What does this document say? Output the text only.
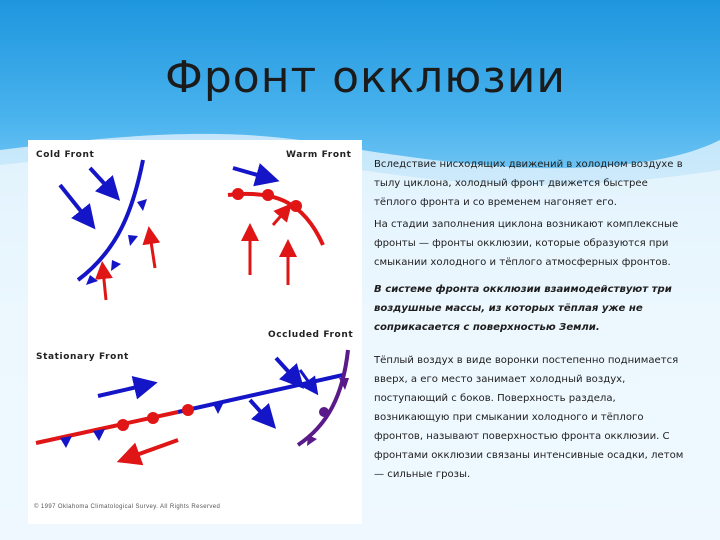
Фронт окклюзии
Cold Front	Warm Front
Stationary Front
Occluded Front
© 1997 Oklahoma Climatological Survey. All Rights Reserved

Вследствие нисходящих движений в холодном воздухе в тылу циклона, холодный фронт движется быстрее тёплого фронта и со временем нагоняет его.

На стадии заполнения циклона возникают комплексные фронты — фронты окклюзии, которые образуются при смыкании холодного и тёплого атмосферных фронтов.

В системе фронта окклюзии взаимодействуют три воздушные массы, из которых тёплая уже не соприкасается с поверхностью Земли.

Тёплый воздух в виде воронки постепенно поднимается вверх, а его место занимает холодный воздух, поступающий с боков. Поверхность раздела, возникающую при смыкании холодного и тёплого фронтов, называют поверхностью фронта окклюзии. С фронтами окклюзии связаны интенсивные осадки, летом — сильные грозы.
